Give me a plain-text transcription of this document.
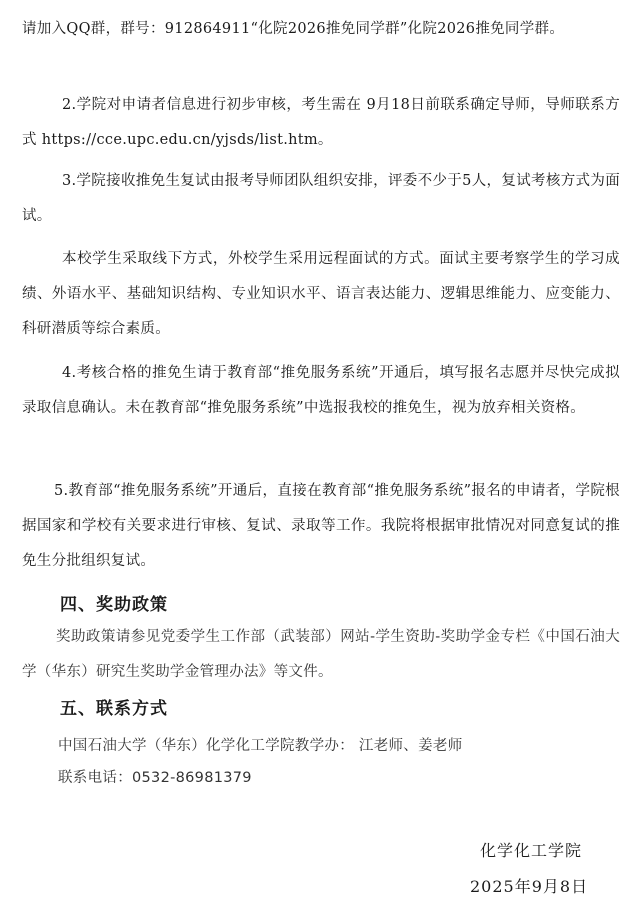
请加入QQ群，群号：912864911“化院2026推免同学群”化院2026推免同学群。

2.学院对申请者信息进行初步审核，考生需在 9月18日前联系确定导师，导师联系方式 https://cce.upc.edu.cn/yjsds/list.htm。

3.学院接收推免生复试由报考导师团队组织安排，评委不少于5人，复试考核方式为面试。

本校学生采取线下方式，外校学生采用远程面试的方式。面试主要考察学生的学习成绩、外语水平、基础知识结构、专业知识水平、语言表达能力、逻辑思维能力、应变能力、科研潜质等综合素质。

4.考核合格的推免生请于教育部“推免服务系统”开通后，填写报名志愿并尽快完成拟录取信息确认。未在教育部“推免服务系统”中选报我校的推免生，视为放弃相关资格。

5.教育部“推免服务系统”开通后，直接在教育部“推免服务系统”报名的申请者，学院根据国家和学校有关要求进行审核、复试、录取等工作。我院将根据审批情况对同意复试的推免生分批组织复试。

四、奖助政策

奖助政策请参见党委学生工作部（武装部）网站-学生资助-奖助学金专栏《中国石油大学（华东）研究生奖助学金管理办法》等文件。

五、联系方式

中国石油大学（华东）化学化工学院教学办： 江老师、姜老师

联系电话：0532-86981379

化学化工学院

2025年9月8日
